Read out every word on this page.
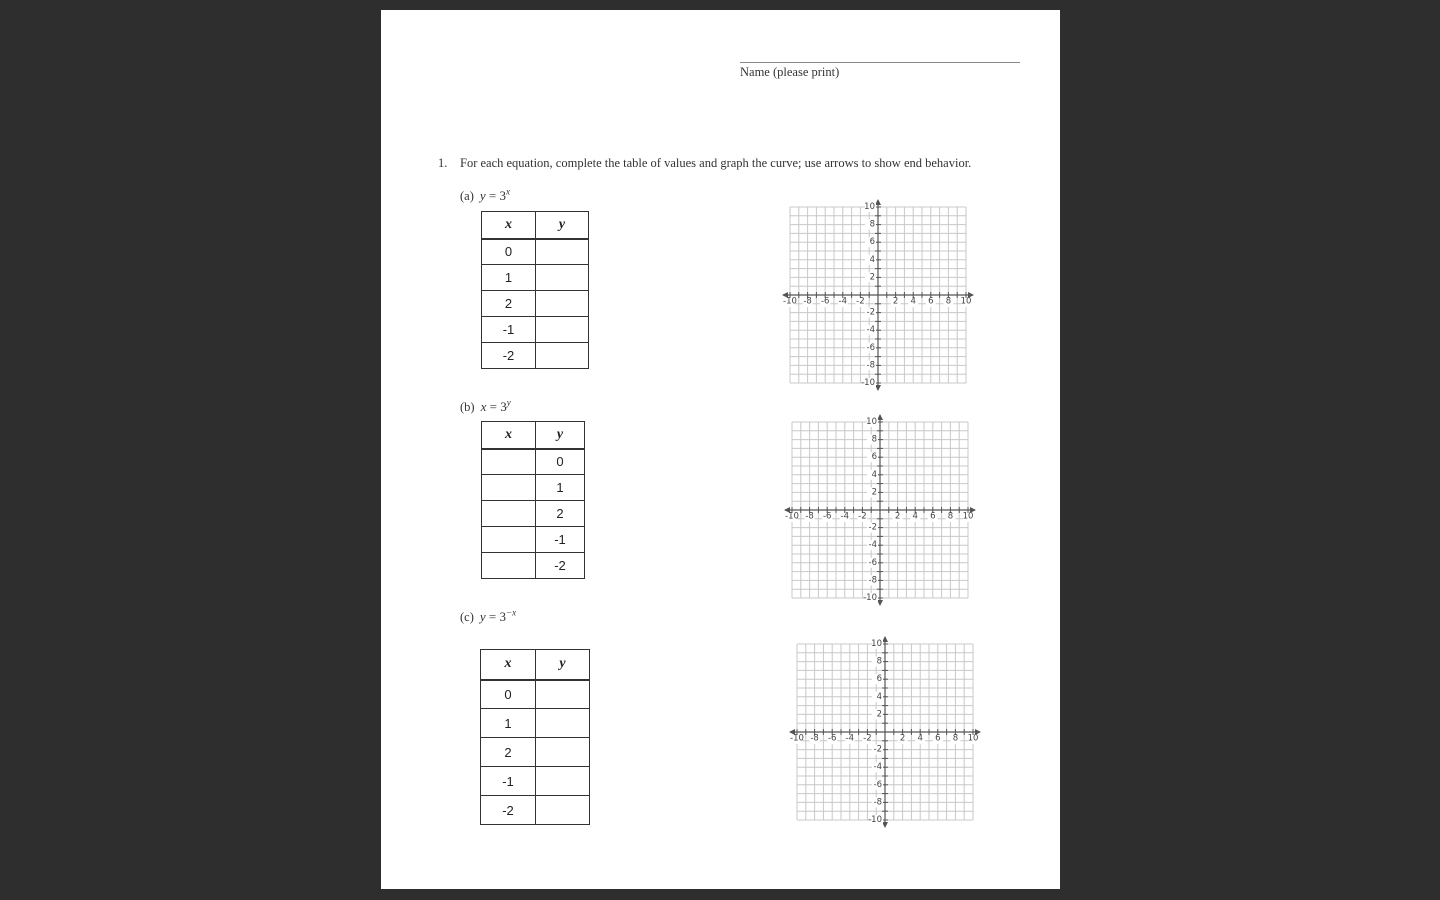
Name (please print)
1. For each equation, complete the table of values and graph the curve; use arrows to show end behavior.
(a) $y = 3^x$
x	y
0	
1	
2	
-1	
-2	
-10 -8 -6 -4 -2	2 4 6 8 10
10
8
6
4
2
-2
-4
-6
-8
-10
(b) $x = 3^y$
x	y
	0
	1
	2
	-1
	-2
-10 -8 -6 -4 -2	2 4 6 8 10
10
8
6
4
2
-2
-4
-6
-8
-10
(c) $y = 3^{-x}$
x	y
0	
1	
2	
-1	
-2	
-10 -8 -6 -4 -2	2 4 6 8 10
10
8
6
4
2
-2
-4
-6
-8
-10
